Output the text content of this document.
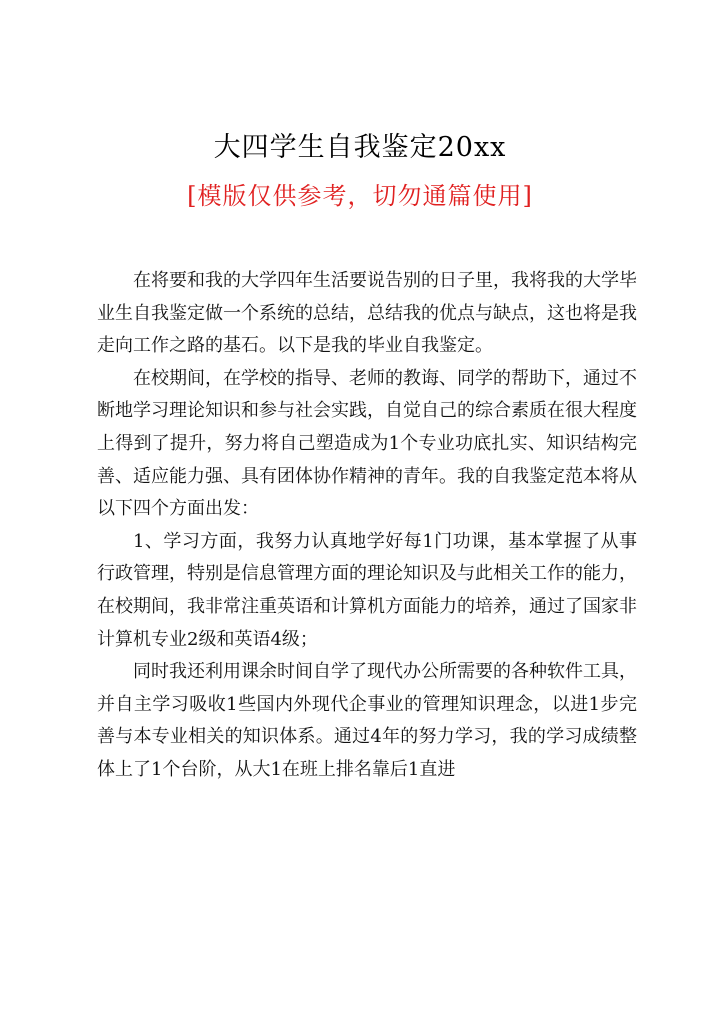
大四学生自我鉴定20xx
[模版仅供参考，切勿通篇使用]

在将要和我的大学四年生活要说告别的日子里，我将我的大学毕业生自我鉴定做一个系统的总结，总结我的优点与缺点，这也将是我走向工作之路的基石。以下是我的毕业自我鉴定。

在校期间，在学校的指导、老师的教诲、同学的帮助下，通过不断地学习理论知识和参与社会实践，自觉自己的综合素质在很大程度上得到了提升，努力将自己塑造成为1个专业功底扎实、知识结构完善、适应能力强、具有团体协作精神的青年。我的自我鉴定范本将从以下四个方面出发：

1、学习方面，我努力认真地学好每1门功课，基本掌握了从事行政管理，特别是信息管理方面的理论知识及与此相关工作的能力，在校期间，我非常注重英语和计算机方面能力的培养，通过了国家非计算机专业2级和英语4级；

同时我还利用课余时间自学了现代办公所需要的各种软件工具，并自主学习吸收1些国内外现代企事业的管理知识理念，以进1步完善与本专业相关的知识体系。通过4年的努力学习，我的学习成绩整体上了1个台阶，从大1在班上排名靠后1直进
